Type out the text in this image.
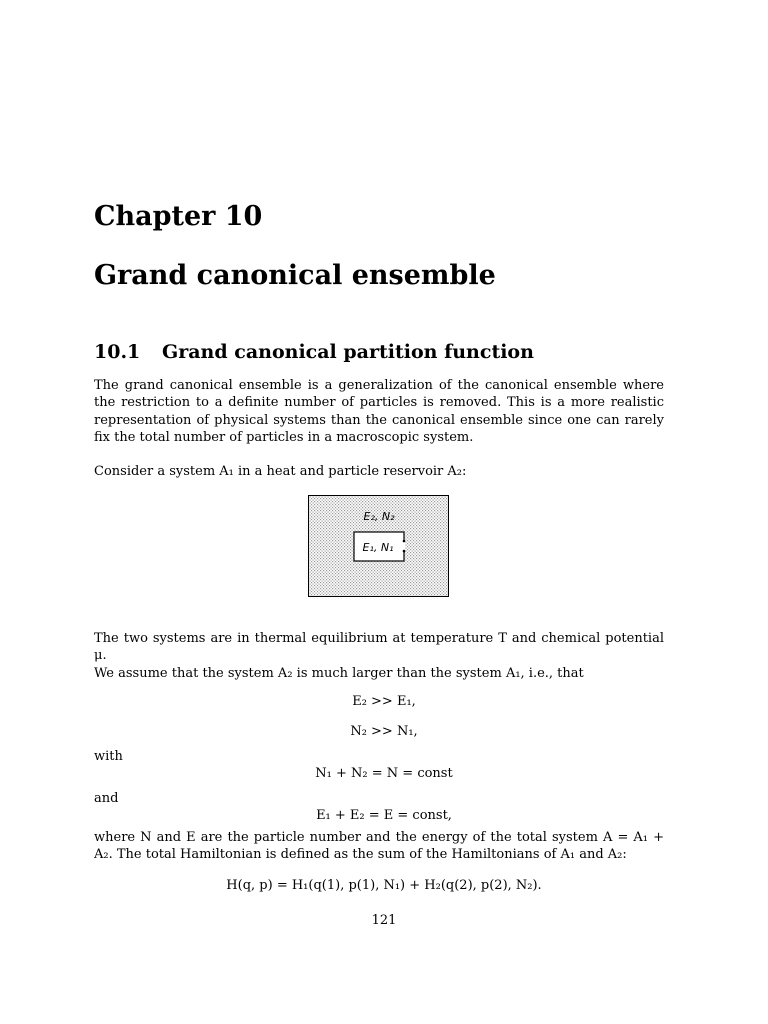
Chapter 10
Grand canonical ensemble
10.1 Grand canonical partition function
The grand canonical ensemble is a generalization of the canonical ensemble where the restriction to a definite number of particles is removed. This is a more realistic representation of physical systems than the canonical ensemble since one can rarely fix the total number of particles in a macroscopic system.
Consider a system A₁ in a heat and particle reservoir A₂:
E₂, N₂
E₁, N₁
The two systems are in thermal equilibrium at temperature T and chemical potential μ.
We assume that the system A₂ is much larger than the system A₁, i.e., that
E₂ >> E₁,
N₂ >> N₁,
with
N₁ + N₂ = N = const
and
E₁ + E₂ = E = const,
where N and E are the particle number and the energy of the total system A = A₁ + A₂. The total Hamiltonian is defined as the sum of the Hamiltonians of A₁ and A₂:
H(q, p) = H₁(q(1), p(1), N₁) + H₂(q(2), p(2), N₂).
121
